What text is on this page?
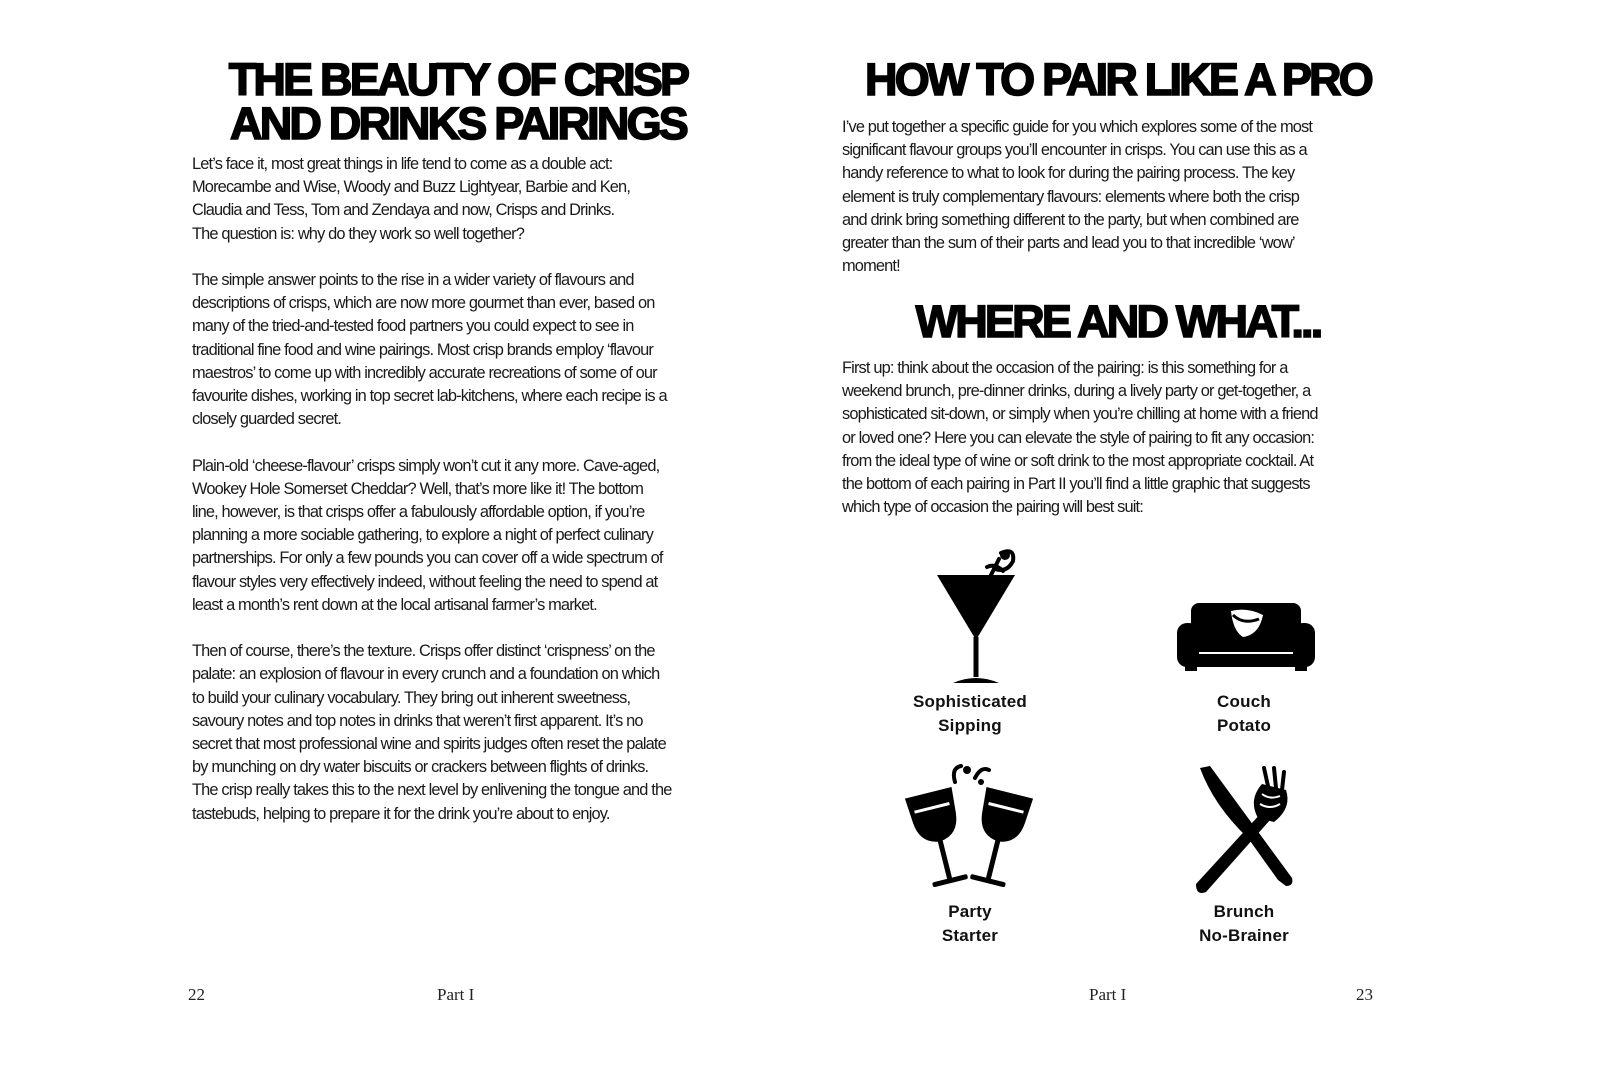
THE BEAUTY OF CRISP
AND DRINKS PAIRINGS

Let’s face it, most great things in life tend to come as a double act:
Morecambe and Wise, Woody and Buzz Lightyear, Barbie and Ken,
Claudia and Tess, Tom and Zendaya and now, Crisps and Drinks.
The question is: why do they work so well together?

The simple answer points to the rise in a wider variety of flavours and
descriptions of crisps, which are now more gourmet than ever, based on
many of the tried-and-tested food partners you could expect to see in
traditional fine food and wine pairings. Most crisp brands employ ‘flavour
maestros’ to come up with incredibly accurate recreations of some of our
favourite dishes, working in top secret lab-kitchens, where each recipe is a
closely guarded secret.

Plain-old ‘cheese-flavour’ crisps simply won’t cut it any more. Cave-aged,
Wookey Hole Somerset Cheddar? Well, that’s more like it! The bottom
line, however, is that crisps offer a fabulously affordable option, if you’re
planning a more sociable gathering, to explore a night of perfect culinary
partnerships. For only a few pounds you can cover off a wide spectrum of
flavour styles very effectively indeed, without feeling the need to spend at
least a month’s rent down at the local artisanal farmer’s market.

Then of course, there’s the texture. Crisps offer distinct ‘crispness’ on the
palate: an explosion of flavour in every crunch and a foundation on which
to build your culinary vocabulary. They bring out inherent sweetness,
savoury notes and top notes in drinks that weren’t first apparent. It’s no
secret that most professional wine and spirits judges often reset the palate
by munching on dry water biscuits or crackers between flights of drinks.
The crisp really takes this to the next level by enlivening the tongue and the
tastebuds, helping to prepare it for the drink you’re about to enjoy.

22	Part I
HOW TO PAIR LIKE A PRO
I’ve put together a specific guide for you which explores some of the most
significant flavour groups you’ll encounter in crisps. You can use this as a
handy reference to what to look for during the pairing process. The key
element is truly complementary flavours: elements where both the crisp
and drink bring something different to the party, but when combined are
greater than the sum of their parts and lead you to that incredible ‘wow’
moment!
WHERE AND WHAT...
First up: think about the occasion of the pairing: is this something for a
weekend brunch, pre-dinner drinks, during a lively party or get-together, a
sophisticated sit-down, or simply when you’re chilling at home with a friend
or loved one? Here you can elevate the style of pairing to fit any occasion:
from the ideal type of wine or soft drink to the most appropriate cocktail. At
the bottom of each pairing in Part II you’ll find a little graphic that suggests
which type of occasion the pairing will best suit:
Sophisticated
Sipping
Couch
Potato
Party
Starter
Brunch
No-Brainer
Part I	23
